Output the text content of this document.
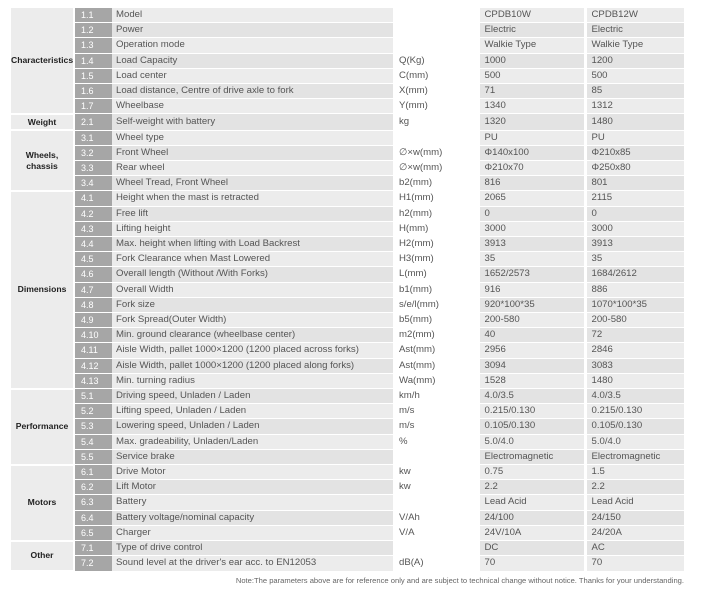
Characteristics	1.1	Model		CPDB10W	CPDB12W
	1.2	Power		Electric	Electric
	1.3	Operation mode		Walkie Type	Walkie Type
	1.4	Load Capacity	Q(Kg)	1000	1200
	1.5	Load center	C(mm)	500	500
	1.6	Load distance, Centre of drive axle to fork	X(mm)	71	85
	1.7	Wheelbase	Y(mm)	1340	1312
Weight	2.1	Self-weight with battery	kg	1320	1480
Wheels, chassis	3.1	Wheel type		PU	PU
	3.2	Front Wheel	∅×w(mm)	Φ140x100	Φ210x85
	3.3	Rear wheel	∅×w(mm)	Φ210x70	Φ250x80
	3.4	Wheel Tread, Front Wheel	b2(mm)	816	801
Dimensions	4.1	Height when the mast is retracted	H1(mm)	2065	2115
	4.2	Free lift	h2(mm)	0	0
	4.3	Lifting height	H(mm)	3000	3000
	4.4	Max. height when lifting with Load Backrest	H2(mm)	3913	3913
	4.5	Fork Clearance when Mast Lowered	H3(mm)	35	35
	4.6	Overall length (Without /With Forks)	L(mm)	1652/2573	1684/2612
	4.7	Overall Width	b1(mm)	916	886
	4.8	Fork size	s/e/l(mm)	920*100*35	1070*100*35
	4.9	Fork Spread(Outer Width)	b5(mm)	200-580	200-580
	4.10	Min. ground clearance (wheelbase center)	m2(mm)	40	72
	4.11	Aisle Width, pallet 1000×1200 (1200 placed across forks)	Ast(mm)	2956	2846
	4.12	Aisle Width, pallet 1000×1200 (1200 placed along forks)	Ast(mm)	3094	3083
	4.13	Min. turning radius	Wa(mm)	1528	1480
Performance	5.1	Driving speed, Unladen / Laden	km/h	4.0/3.5	4.0/3.5
	5.2	Lifting speed, Unladen / Laden	m/s	0.215/0.130	0.215/0.130
	5.3	Lowering speed, Unladen / Laden	m/s	0.105/0.130	0.105/0.130
	5.4	Max. gradeability, Unladen/Laden	%	5.0/4.0	5.0/4.0
	5.5	Service brake		Electromagnetic	Electromagnetic
Motors	6.1	Drive Motor	kw	0.75	1.5
	6.2	Lift Motor	kw	2.2	2.2
	6.3	Battery		Lead Acid	Lead Acid
	6.4	Battery voltage/nominal capacity	V/Ah	24/100	24/150
	6.5	Charger	V/A	24V/10A	24/20A
Other	7.1	Type of drive control		DC	AC
	7.2	Sound level at the driver's ear acc. to EN12053	dB(A)	70	70
Note:The parameters above are for reference only and are subject to technical change without notice. Thanks for your understanding.
